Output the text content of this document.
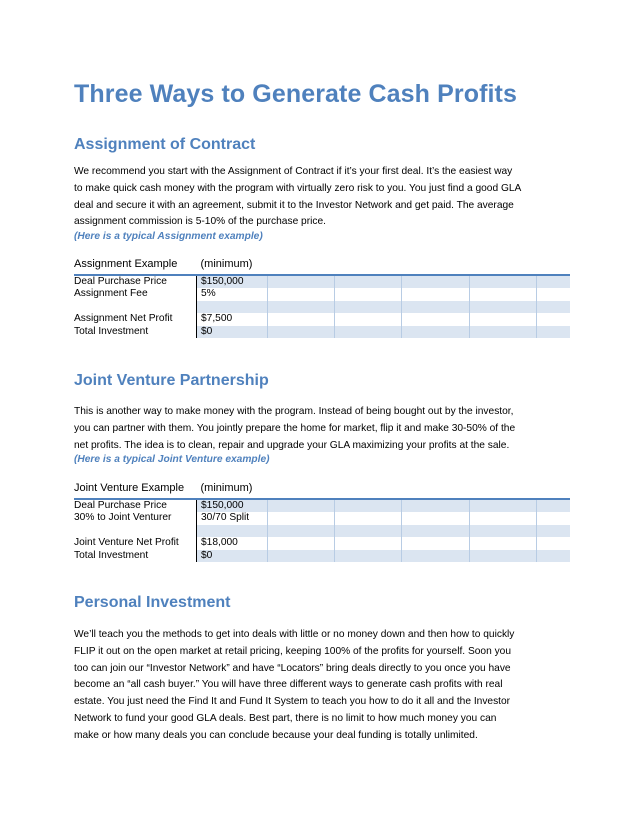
Three Ways to Generate Cash Profits
Assignment of Contract
We recommend you start with the Assignment of Contract if it’s your first deal. It’s the easiest way
to make quick cash money with the program with virtually zero risk to you. You just find a good GLA
deal and secure it with an agreement, submit it to the Investor Network and get paid. The average
assignment commission is 5-10% of the purchase price.
(Here is a typical Assignment example)
Assignment Example	(minimum)					
Deal Purchase Price	$150,000					
Assignment Fee	5%					

Assignment Net Profit	$7,500					
Total Investment	$0					
Joint Venture Partnership
This is another way to make money with the program. Instead of being bought out by the investor,
you can partner with them. You jointly prepare the home for market, flip it and make 30-50% of the
net profits. The idea is to clean, repair and upgrade your GLA maximizing your profits at the sale.
(Here is a typical Joint Venture example)
Joint Venture Example	(minimum)					
Deal Purchase Price	$150,000					
30% to Joint Venturer	30/70 Split					

Joint Venture Net Profit	$18,000					
Total Investment	$0					
Personal Investment
We’ll teach you the methods to get into deals with little or no money down and then how to quickly
FLIP it out on the open market at retail pricing, keeping 100% of the profits for yourself. Soon you
too can join our “Investor Network” and have “Locators” bring deals directly to you once you have
become an “all cash buyer.” You will have three different ways to generate cash profits with real
estate. You just need the Find It and Fund It System to teach you how to do it all and the Investor
Network to fund your good GLA deals. Best part, there is no limit to how much money you can
make or how many deals you can conclude because your deal funding is totally unlimited.
